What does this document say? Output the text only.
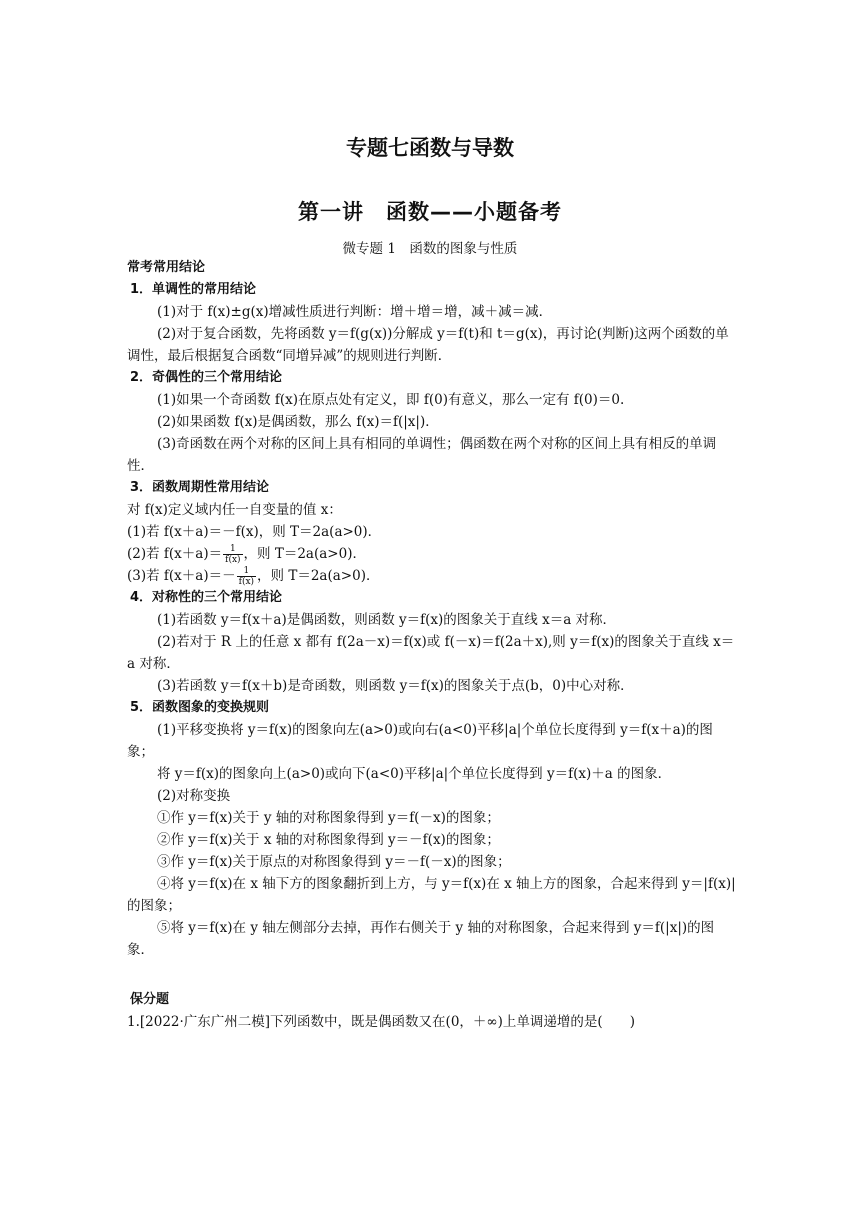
专题七函数与导数
第一讲　函数——小题备考
微专题 1　函数的图象与性质

常考常用结论

1．单调性的常用结论

(1)对于 f(x)±g(x)增减性质进行判断：增＋增＝增，减＋减＝减．

(2)对于复合函数，先将函数 y＝f(g(x))分解成 y＝f(t)和 t＝g(x)，再讨论(判断)这两个函数的单调性，最后根据复合函数“同增异减”的规则进行判断．

2．奇偶性的三个常用结论

(1)如果一个奇函数 f(x)在原点处有定义，即 f(0)有意义，那么一定有 f(0)＝0.

(2)如果函数 f(x)是偶函数，那么 f(x)＝f(|x|)．

(3)奇函数在两个对称的区间上具有相同的单调性；偶函数在两个对称的区间上具有相反的单调性．

3．函数周期性常用结论

对 f(x)定义域内任一自变量的值 x：

(1)若 f(x＋a)＝－f(x)，则 T＝2a(a>0)．

(2)若 $f(x+a)= \frac{1}{f(x)}$ ，则 T＝2a(a>0)．

(3)若 $f(x+a)=- \frac{1}{f(x)}$ ，则 T＝2a(a>0)．

4．对称性的三个常用结论

(1)若函数 y＝f(x＋a)是偶函数，则函数 y＝f(x)的图象关于直线 x＝a 对称．

(2)若对于 R 上的任意 x 都有 f(2a－x)＝f(x)或 f(－x)＝f(2a＋x),则 y＝f(x)的图象关于直线 x＝a 对称．

(3)若函数 y＝f(x＋b)是奇函数，则函数 y＝f(x)的图象关于点(b，0)中心对称．

5．函数图象的变换规则

(1)平移变换将 y＝f(x)的图象向左(a>0)或向右(a<0)平移|a|个单位长度得到 y＝f(x＋a)的图象；

将 y＝f(x)的图象向上(a>0)或向下(a<0)平移|a|个单位长度得到 y＝f(x)＋a 的图象．

(2)对称变换

①作 y＝f(x)关于 y 轴的对称图象得到 y＝f(－x)的图象；

②作 y＝f(x)关于 x 轴的对称图象得到 y＝－f(x)的图象；

③作 y＝f(x)关于原点的对称图象得到 y＝－f(－x)的图象；

④将 y＝f(x)在 x 轴下方的图象翻折到上方，与 y＝f(x)在 x 轴上方的图象，合起来得到 y＝|f(x)|的图象；

⑤将 y＝f(x)在 y 轴左侧部分去掉，再作右侧关于 y 轴的对称图象，合起来得到 y＝f(|x|)的图象．

保分题

1.[2022·广东广州二模]下列函数中，既是偶函数又在(0，＋∞)上单调递增的是(　　)
